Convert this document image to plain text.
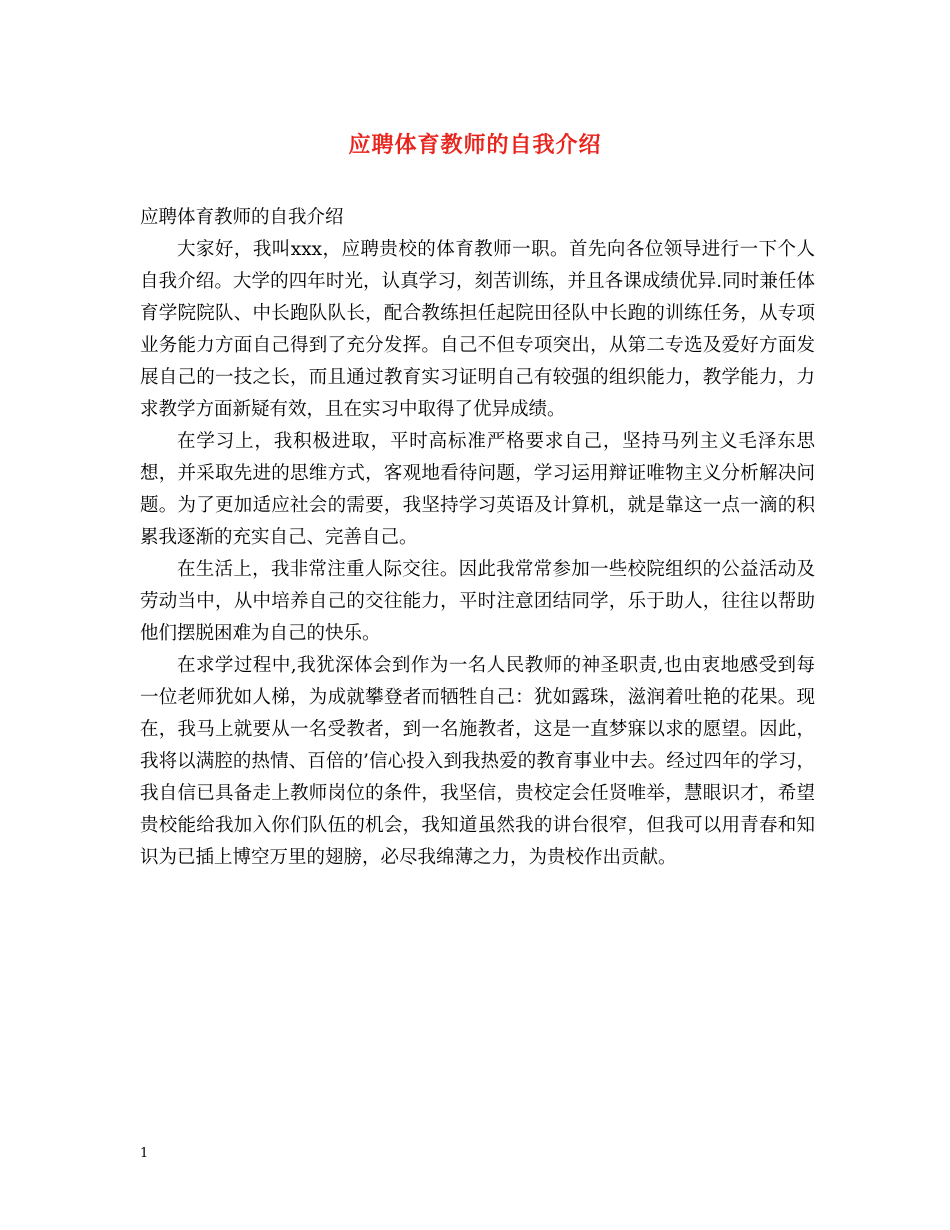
应聘体育教师的自我介绍

应聘体育教师的自我介绍

大家好，我叫xxx，应聘贵校的体育教师一职。首先向各位领导进行一下个人自我介绍。大学的四年时光，认真学习，刻苦训练，并且各课成绩优异.同时兼任体育学院院队、中长跑队队长，配合教练担任起院田径队中长跑的训练任务，从专项业务能力方面自己得到了充分发挥。自己不但专项突出，从第二专选及爱好方面发展自己的一技之长，而且通过教育实习证明自己有较强的组织能力，教学能力，力求教学方面新疑有效，且在实习中取得了优异成绩。

在学习上，我积极进取，平时高标准严格要求自己，坚持马列主义毛泽东思想，并采取先进的思维方式，客观地看待问题，学习运用辩证唯物主义分析解决问题。为了更加适应社会的需要，我坚持学习英语及计算机，就是靠这一点一滴的积累我逐渐的充实自己、完善自己。

在生活上，我非常注重人际交往。因此我常常参加一些校院组织的公益活动及劳动当中，从中培养自己的交往能力，平时注意团结同学，乐于助人，往往以帮助他们摆脱困难为自己的快乐。

在求学过程中,我犹深体会到作为一名人民教师的神圣职责,也由衷地感受到每一位老师犹如人梯，为成就攀登者而牺牲自己：犹如露珠，滋润着吐艳的花果。现在，我马上就要从一名受教者，到一名施教者，这是一直梦寐以求的愿望。因此，我将以满腔的热情、百倍的’信心投入到我热爱的教育事业中去。经过四年的学习，我自信已具备走上教师岗位的条件，我坚信，贵校定会任贤唯举，慧眼识才，希望贵校能给我加入你们队伍的机会，我知道虽然我的讲台很窄，但我可以用青春和知识为已插上博空万里的翅膀，必尽我绵薄之力，为贵校作出贡献。

1
